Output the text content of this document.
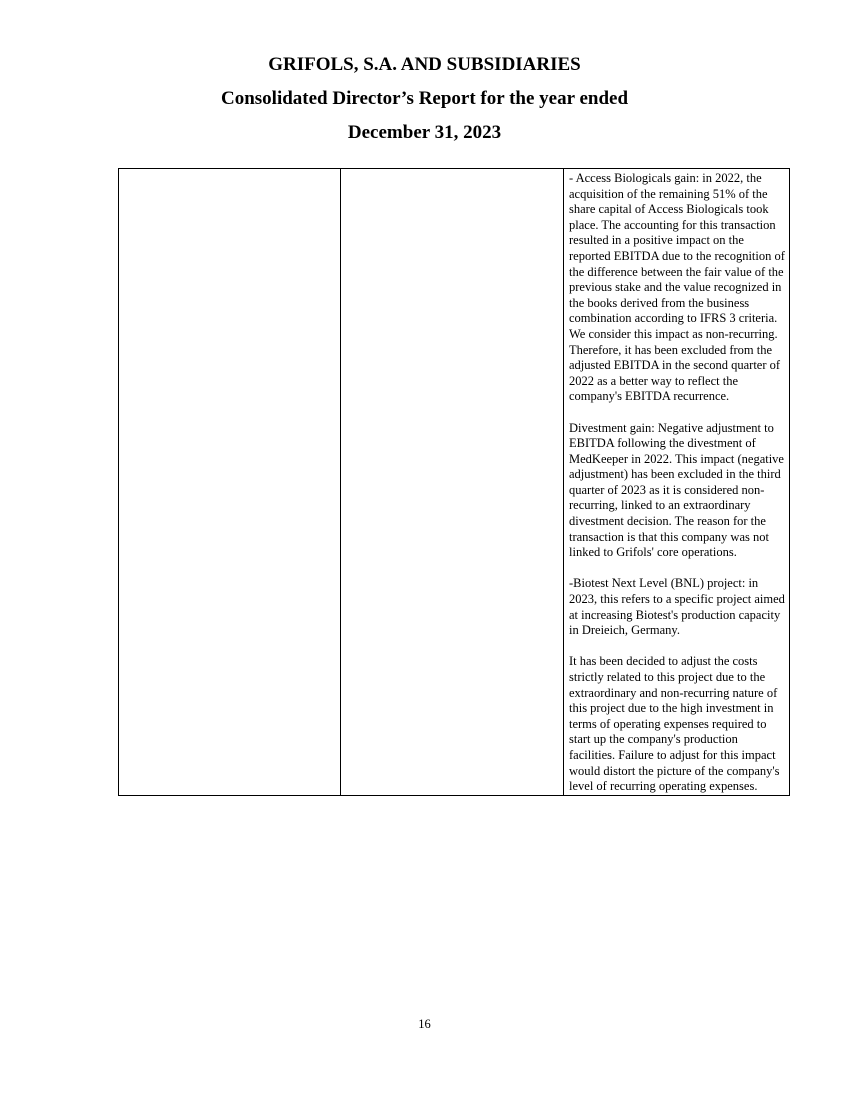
GRIFOLS, S.A. AND SUBSIDIARIES

Consolidated Director’s Report for the year ended

December 31, 2023

- Access Biologicals gain: in 2022, the acquisition of the remaining 51% of the share capital of Access Biologicals took place. The accounting for this transaction resulted in a positive impact on the reported EBITDA due to the recognition of the difference between the fair value of the previous stake and the value recognized in the books derived from the business combination according to IFRS 3 criteria. We consider this impact as non-recurring. Therefore, it has been excluded from the adjusted EBITDA in the second quarter of 2022 as a better way to reflect the company's EBITDA recurrence.

Divestment gain: Negative adjustment to EBITDA following the divestment of MedKeeper in 2022. This impact (negative adjustment) has been excluded in the third quarter of 2023 as it is considered non-recurring, linked to an extraordinary divestment decision. The reason for the transaction is that this company was not linked to Grifols' core operations.

-Biotest Next Level (BNL) project: in 2023, this refers to a specific project aimed at increasing Biotest's production capacity in Dreieich, Germany.

It has been decided to adjust the costs strictly related to this project due to the extraordinary and non-recurring nature of this project due to the high investment in terms of operating expenses required to start up the company's production facilities. Failure to adjust for this impact would distort the picture of the company's level of recurring operating expenses.

16
